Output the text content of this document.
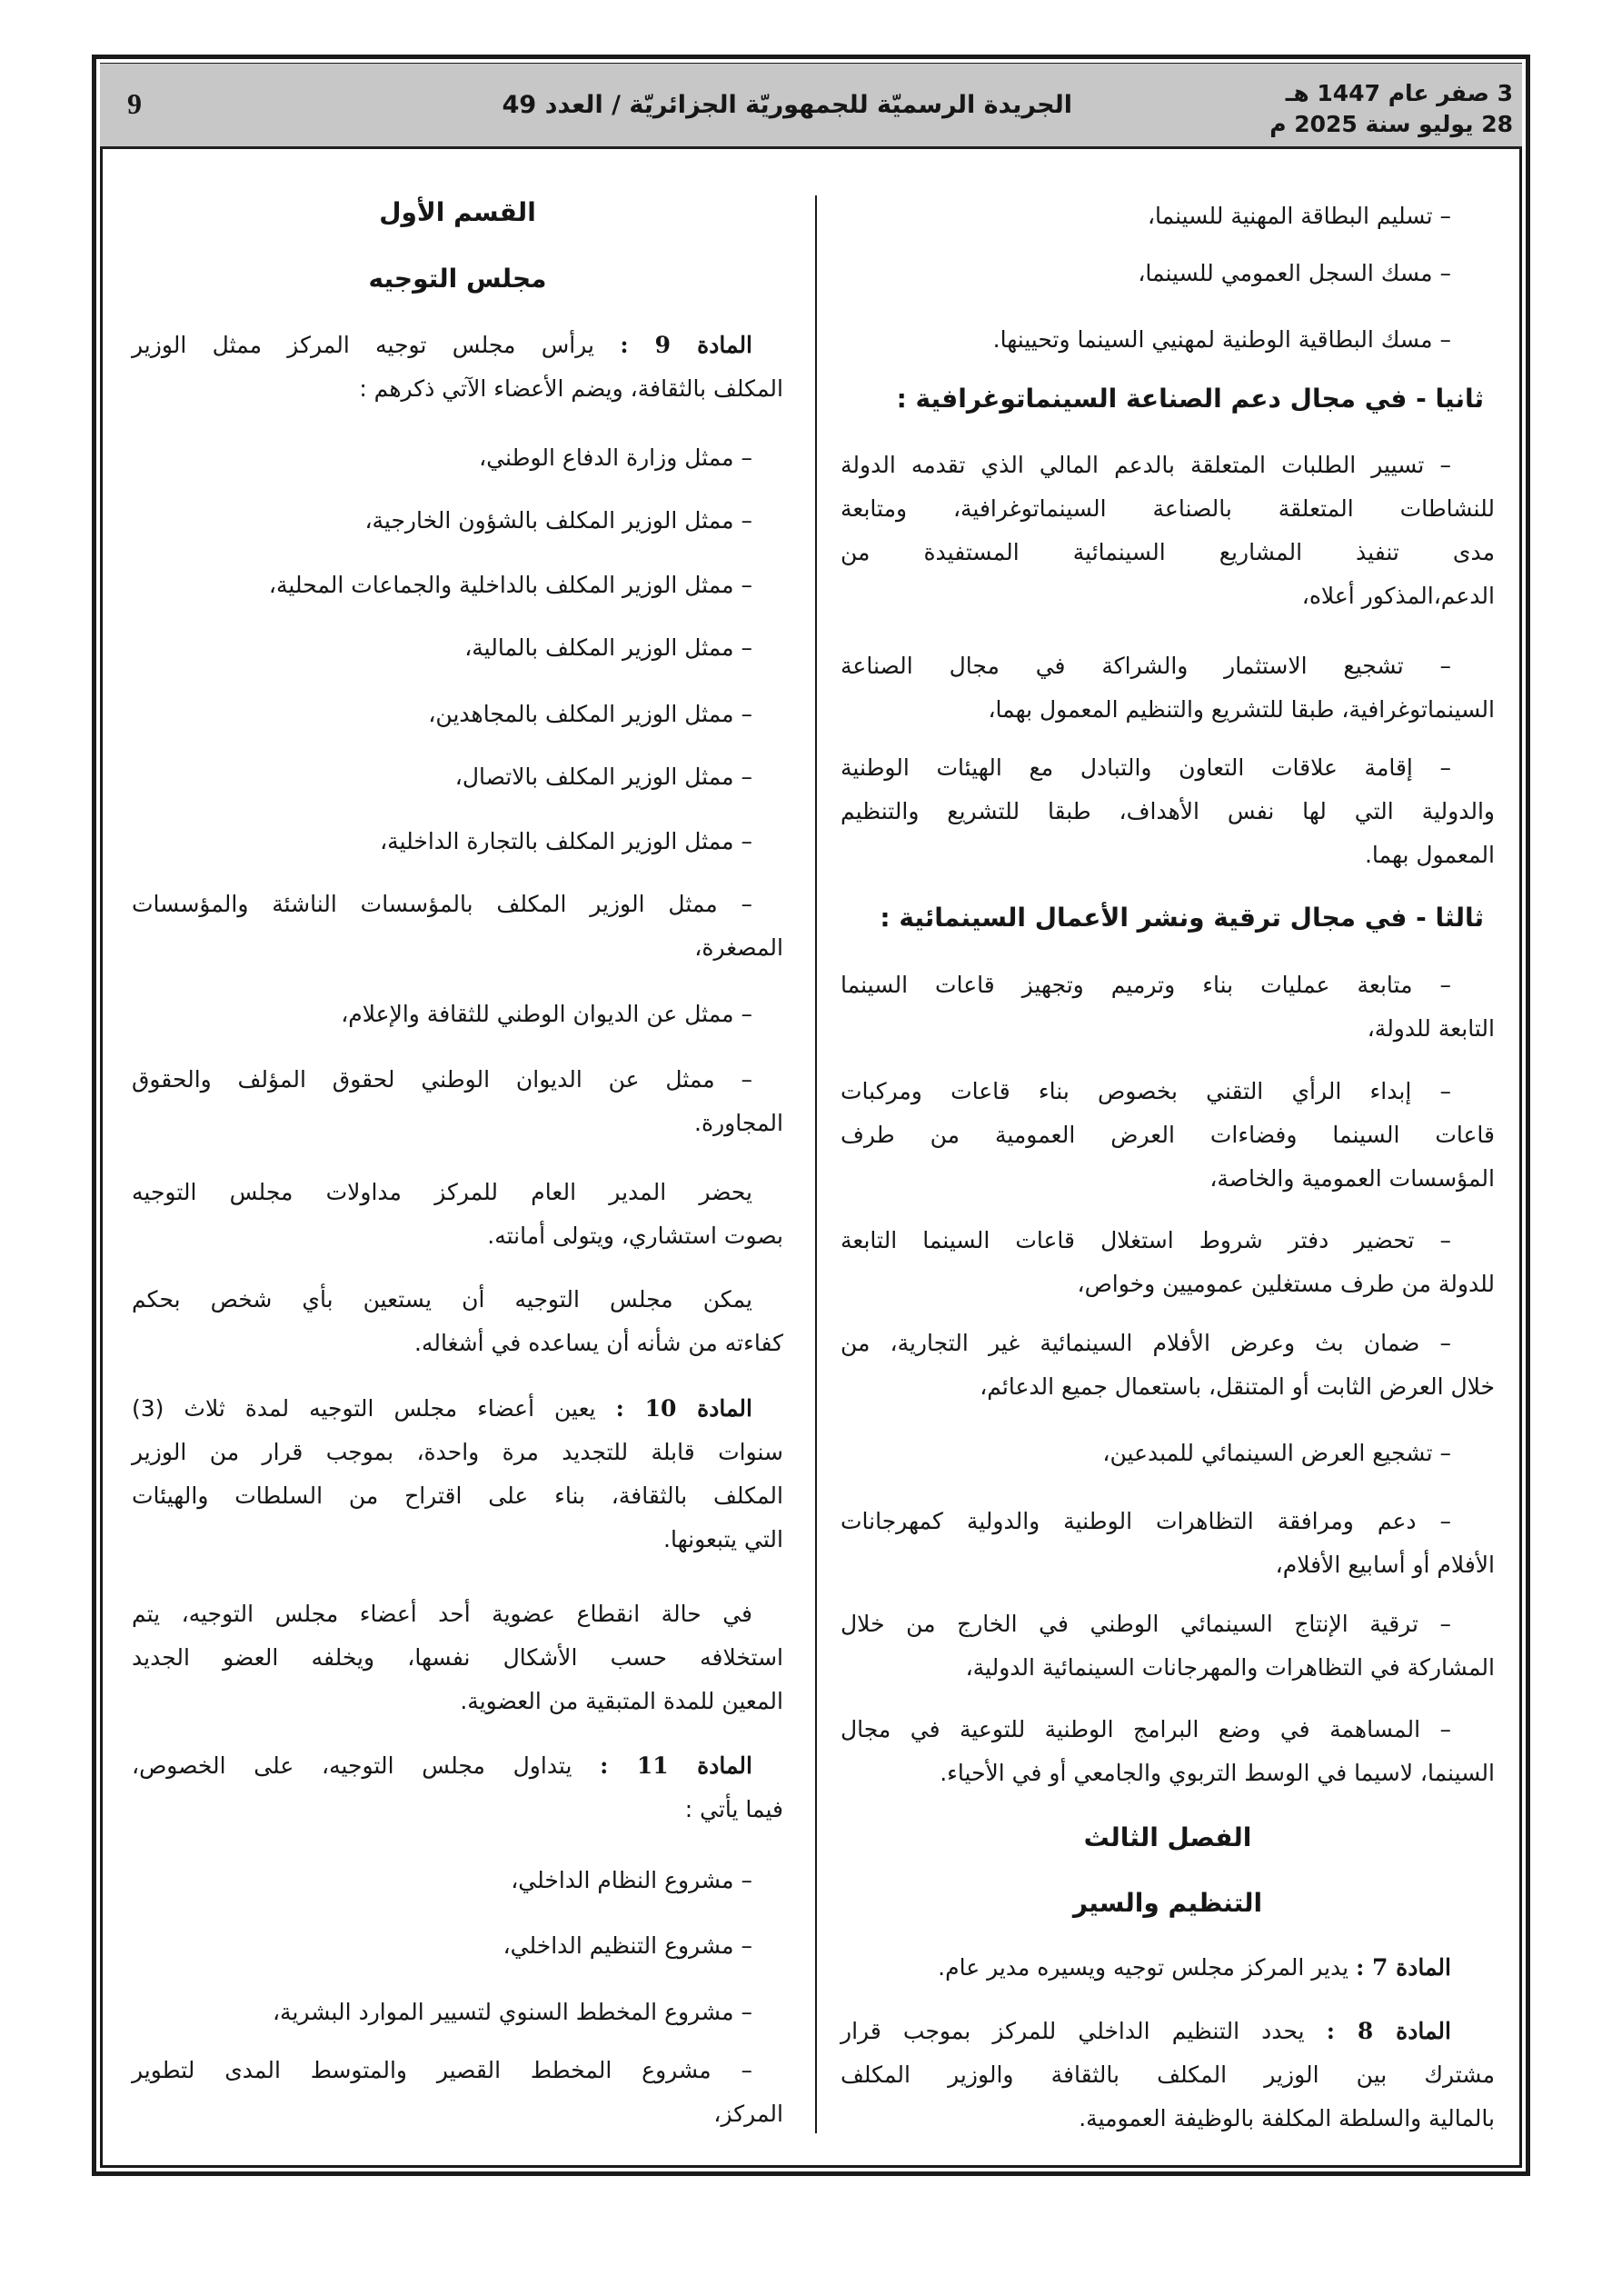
الجريدة الرسميّة للجمهوريّة الجزائريّة / العدد 49	3 صفر عام 1447 هـ
28 يوليو سنة 2025 م
9
– تسليم البطاقة المهنية للسينما،
– مسك السجل العمومي للسينما،
– مسك البطاقية الوطنية لمهنيي السينما وتحيينها.
ثانيا - في مجال دعم الصناعة السينماتوغرافية :
– تسيير الطلبات المتعلقة بالدعم المالي الذي تقدمه الدولة
للنشاطات المتعلقة بالصناعة السينماتوغرافية، ومتابعة
مدى تنفيذ المشاريع السينمائية المستفيدة من
الدعم،المذكور أعلاه،
– تشجيع الاستثمار والشراكة في مجال الصناعة
السينماتوغرافية، طبقا للتشريع والتنظيم المعمول بهما،
– إقامة علاقات التعاون والتبادل مع الهيئات الوطنية
والدولية التي لها نفس الأهداف، طبقا للتشريع والتنظيم
المعمول بهما.
ثالثا - في مجال ترقية ونشر الأعمال السينمائية :
– متابعة عمليات بناء وترميم وتجهيز قاعات السينما
التابعة للدولة،
– إبداء الرأي التقني بخصوص بناء قاعات ومركبات
قاعات السينما وفضاءات العرض العمومية من طرف
المؤسسات العمومية والخاصة،
– تحضير دفتر شروط استغلال قاعات السينما التابعة
للدولة من طرف مستغلين عموميين وخواص،
– ضمان بث وعرض الأفلام السينمائية غير التجارية، من
خلال العرض الثابت أو المتنقل، باستعمال جميع الدعائم،
– تشجيع العرض السينمائي للمبدعين،
– دعم ومرافقة التظاهرات الوطنية والدولية كمهرجانات
الأفلام أو أسابيع الأفلام،
– ترقية الإنتاج السينمائي الوطني في الخارج من خلال
المشاركة في التظاهرات والمهرجانات السينمائية الدولية،
– المساهمة في وضع البرامج الوطنية للتوعية في مجال
السينما، لاسيما في الوسط التربوي والجامعي أو في الأحياء.
الفصل الثالث
التنظيم والسير
المادة 7 : يدير المركز مجلس توجيه ويسيره مدير عام.
المادة 8 : يحدد التنظيم الداخلي للمركز بموجب قرار
مشترك بين الوزير المكلف بالثقافة والوزير المكلف
بالمالية والسلطة المكلفة بالوظيفة العمومية.
القسم الأول
مجلس التوجيه
المادة 9 : يرأس مجلس توجيه المركز ممثل الوزير
المكلف بالثقافة، ويضم الأعضاء الآتي ذكرهم :
– ممثل وزارة الدفاع الوطني،
– ممثل الوزير المكلف بالشؤون الخارجية،
– ممثل الوزير المكلف بالداخلية والجماعات المحلية،
– ممثل الوزير المكلف بالمالية،
– ممثل الوزير المكلف بالمجاهدين،
– ممثل الوزير المكلف بالاتصال،
– ممثل الوزير المكلف بالتجارة الداخلية،
– ممثل الوزير المكلف بالمؤسسات الناشئة والمؤسسات
المصغرة،
– ممثل عن الديوان الوطني للثقافة والإعلام،
– ممثل عن الديوان الوطني لحقوق المؤلف والحقوق
المجاورة.
يحضر المدير العام للمركز مداولات مجلس التوجيه
بصوت استشاري، ويتولى أمانته.
يمكن مجلس التوجيه أن يستعين بأي شخص بحكم
كفاءته من شأنه أن يساعده في أشغاله.
المادة 10 : يعين أعضاء مجلس التوجيه لمدة ثلاث (3)
سنوات قابلة للتجديد مرة واحدة، بموجب قرار من الوزير
المكلف بالثقافة، بناء على اقتراح من السلطات والهيئات
التي يتبعونها.
في حالة انقطاع عضوية أحد أعضاء مجلس التوجيه، يتم
استخلافه حسب الأشكال نفسها، ويخلفه العضو الجديد
المعين للمدة المتبقية من العضوية.
المادة 11 : يتداول مجلس التوجيه، على الخصوص،
فيما يأتي :
– مشروع النظام الداخلي،
– مشروع التنظيم الداخلي،
– مشروع المخطط السنوي لتسيير الموارد البشرية،
– مشروع المخطط القصير والمتوسط المدى لتطوير
المركز،
